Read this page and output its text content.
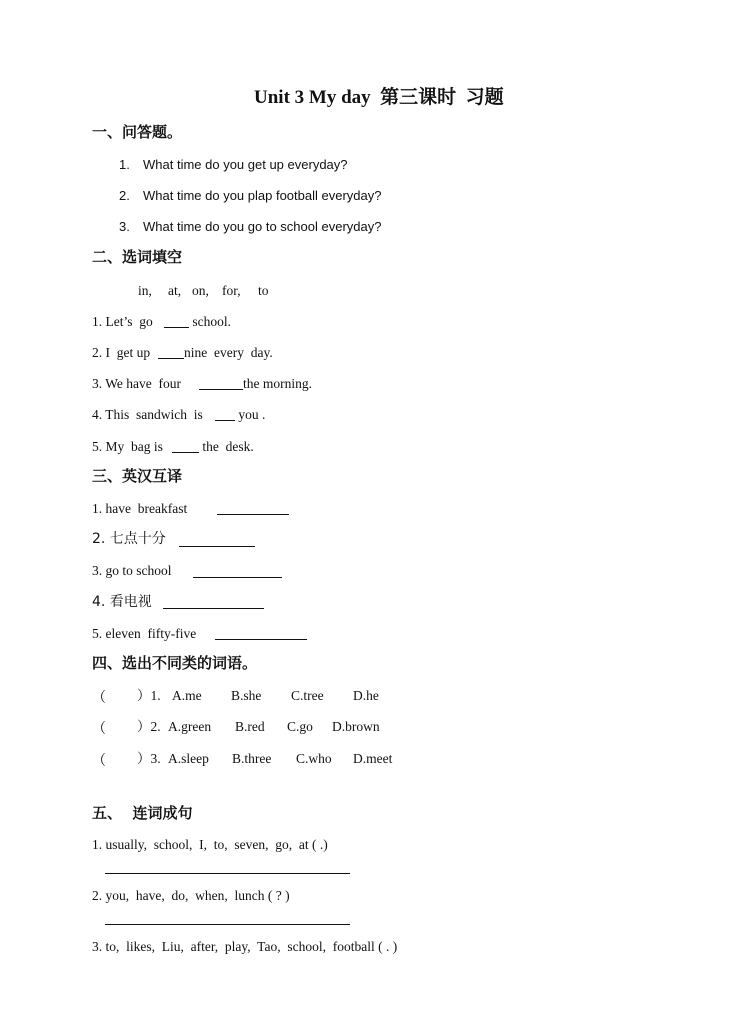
Unit 3 My day  第三课时  习题
一、问答题。
1. What time do you get up everyday?
2. What time do you plap football everyday?
3. What time do you go to school everyday?
二、选词填空
in, at, on, for, to
1. Let’s  go school.
2. I  get up	nine  every  day.
3. We have  four	the morning.
4. This  sandwich  is you .
5. My  bag is	the  desk.
三、英汉互译
1. have  breakfast
2. 七点十分
3. go to school
4. 看电视
5. eleven  fifty-five
四、选出不同类的词语。
（ ）1. A.me B.she C.tree D.he
（ ）2. A.green B.red C.go D.brown
（ ）3. A.sleep B.three C.who D.meet
五、  连词成句
1. usually,  school,  I,  to,  seven,  go,  at ( .)
2. you,  have,  do,  when,  lunch ( ? )
3. to,  likes,  Liu,  after,  play,  Tao,  school,  football ( . )
